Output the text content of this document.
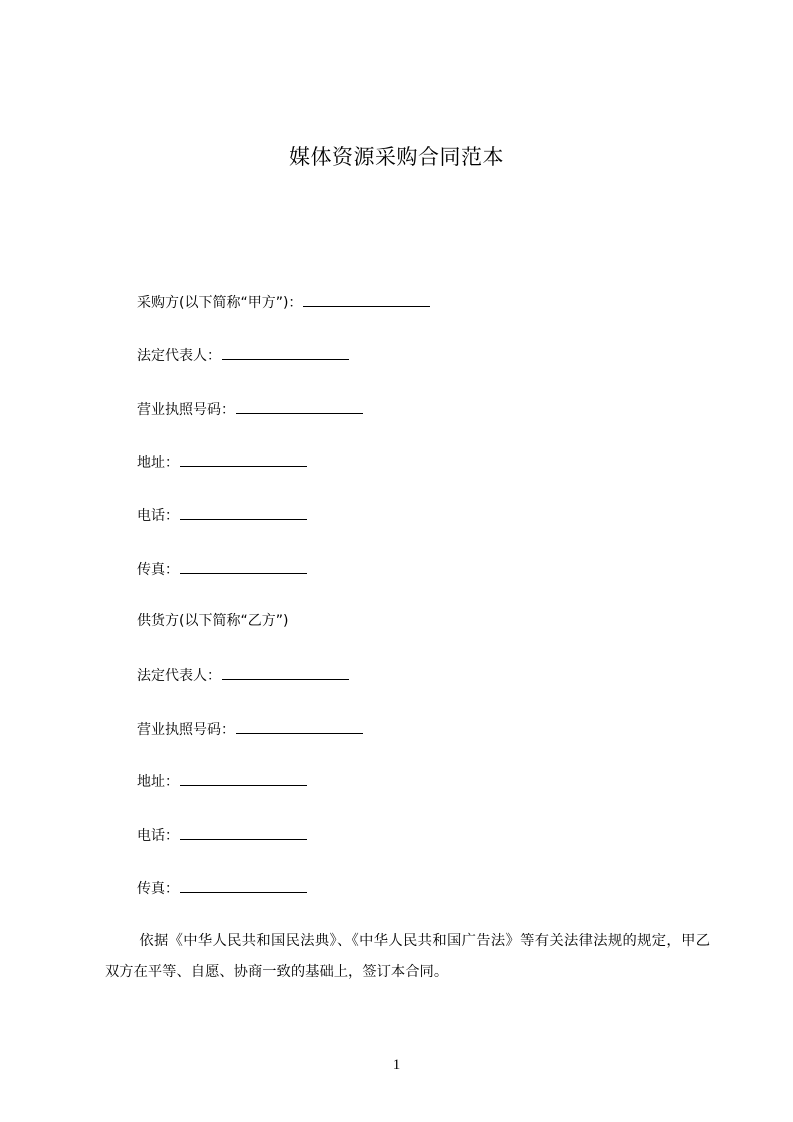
媒体资源采购合同范本
采购方(以下简称“甲方”)：
法定代表人：
营业执照号码：
地址：
电话：
传真：
供货方(以下简称“乙方”)
法定代表人：
营业执照号码：
地址：
电话：
传真：
依据《中华人民共和国民法典》、《中华人民共和国广告法》等有关法律法规的规定，甲乙双方在平等、自愿、协商一致的基础上，签订本合同。
1
